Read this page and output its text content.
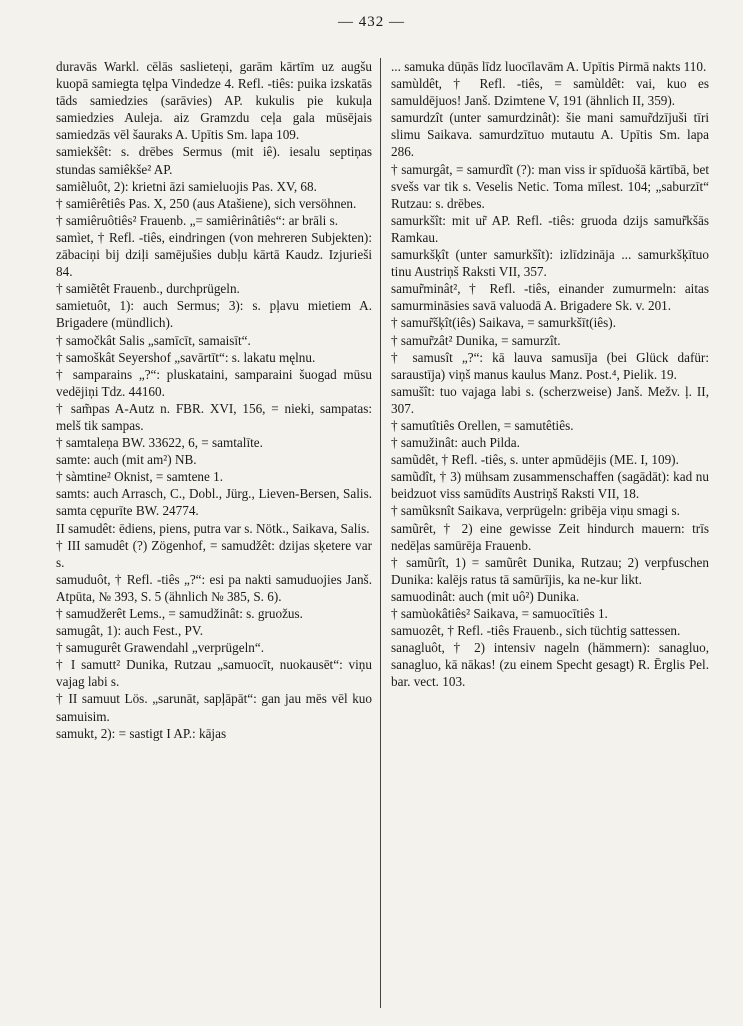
— 432 —

duravās Warkl. cēlās saslieteņi, garām kārtīm uz augšu kuopā samiegta tęlpa Vindedze 4. Refl. -tiês: puika izskatās tāds samiedzies (sarāvies) AP. kukulis pie kukuļa samiedzies Auleja. aiz Gramzdu ceļa gala mūsējais samiedzās vēl šauraks A. Upītis Sm. lapa 109.

samiekšêt: s. drēbes Sermus (mit iê). iesalu septiņas stundas samiêkše² AP.

samiẽluôt, 2): krietni āzi samieluojis Pas. XV, 68.

† samiêrêtiês Pas. X, 250 (aus Atašiene), sich versöhnen.

† samiêruôtiês² Frauenb. „= samiêrinâtiês“: ar brāli s.

samìet, † Refl. -tiês, eindringen (von mehreren Subjekten): zābaciņi bij dziļi samējušies dubļu kārtā Kaudz. Izjurieši 84.

† samiẽtêt Frauenb., durchprügeln.

samietuôt, 1): auch Sermus; 3): s. pļavu mietiem A. Brigadere (mündlich).

† samočkât Salis „samīcīt, samaisīt“.

† samoškât Seyershof „savārtīt“: s. lakatu męlnu.

† samparains „?“: pluskataini, samparaini šuogad mūsu vedējiņi Tdz. 44160.

† sam̃pas A-Autz n. FBR. XVI, 156, = nieki, sampatas: melš tik sampas.

† samtaleņa BW. 33622, 6, = samtalīte.

samte: auch (mit am²) NB.

† sàmtine² Oknist, = samtene 1.

samts: auch Arrasch, C., Dobl., Jürg., Lieven-Bersen, Salis. samta cępurīte BW. 24774.

II samudêt: ēdiens, piens, putra var s. Nötk., Saikava, Salis.

† III samudêt (?) Zögenhof, = samudžêt: dzijas sķetere var s.

samuduôt, † Refl. -tiês „?“: esi pa nakti samuduojies Janš. Atpūta, № 393, S. 5 (ähnlich № 385, S. 6).

† samudžerêt Lems., = samudžinât: s. gruožus.

samugât, 1): auch Fest., PV.

† samugurêt Grawendahl „verprügeln“.

† I samutt² Dunika, Rutzau „samuocīt, nuokausēt“: viņu vajag labi s.

† II samuut Lös. „sarunāt, sapļāpāt“: gan jau mēs vēl kuo samuisim.

samukt, 2): = sastigt I AP.: kājas

... samuka dūņās līdz luocīlavām A. Upītis Pirmā nakts 110.

samùldêt, † Refl. -tiês, = samùldêt: vai, kuo es samuldējuos! Janš. Dzimtene V, 191 (ähnlich II, 359).

samurdzît (unter samurdzinât): šie mani samur̃dzījuši tīri slimu Saikava. samurdzītuo mutautu A. Upītis Sm. lapa 286.

† samurgât, = samurdît (?): man viss ir spīduošā kārtībā, bet svešs var tik s. Veselis Netic. Toma mīlest. 104; „saburzīt“ Rutzau: s. drēbes.

samurkšît: mit ur̃ AP. Refl. -tiês: gruoda dzijs samur̃kšās Ramkau.

samurkšķît (unter samurkšît): izlīdzināja ... samurkšķītuo tinu Austriņš Raksti VII, 357.

samur̃minât², † Refl. -tiês, einander zumurmeln: aitas samurmināsies savā valuodā A. Brigadere Sk. v. 201.

† samur̃šķît(iês) Saikava, = samurkšīt(iês).

† samur̃zât² Dunika, = samurzît.

† samusît „?“: kā lauva samusīja (bei Glück dafür: saraustīja) viņš manus kaulus Manz. Post.⁴, Pielik. 19.

samušît: tuo vajaga labi s. (scherzweise) Janš. Mežv. ļ. II, 307.

† samutîtiês Orellen, = samutêtiês.

† samužinât: auch Pilda.

samũdêt, † Refl. -tiês, s. unter apmūdējis (ME. I, 109).

samũdît, † 3) mühsam zusammenschaffen (sagādāt): kad nu beidzuot viss samūdīts Austriņš Raksti VII, 18.

† samũksnît Saikava, verprügeln: gribēja viņu smagi s.

samũrêt, † 2) eine gewisse Zeit hindurch mauern: trīs nedēļas samūrēja Frauenb.

† samũrît, 1) = samũrêt Dunika, Rutzau; 2) verpfuschen Dunika: kalējs ratus tā samūrījis, ka ne-kur likt.

samuodinât: auch (mit uô²) Dunika.

† samùokâtiês² Saikava, = samuocītiês 1.

samuozêt, † Refl. -tiês Frauenb., sich tüchtig sattessen.

sanagluôt, † 2) intensiv nageln (hämmern): sanagluo, sanagluo, kā nākas! (zu einem Specht gesagt) R. Ērglis Pel. bar. vect. 103.
